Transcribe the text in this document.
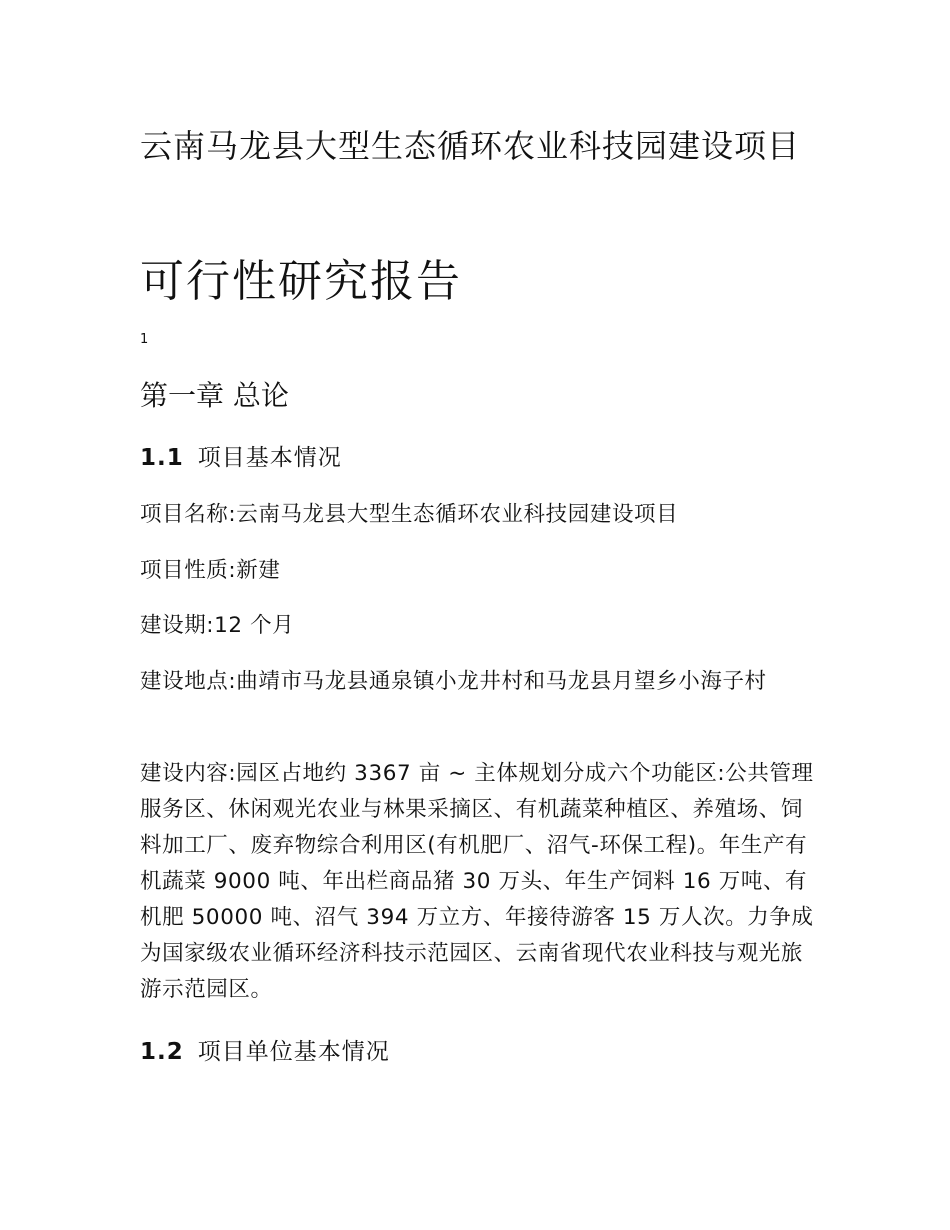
云南马龙县大型生态循环农业科技园建设项目
可行性研究报告
1
第一章 总论
1.1 项目基本情况

项目名称:云南马龙县大型生态循环农业科技园建设项目

项目性质:新建

建设期:12 个月

建设地点:曲靖市马龙县通泉镇小龙井村和马龙县月望乡小海子村

建设内容:园区占地约 3367 亩 ~ 主体规划分成六个功能区:公共管理服务区、休闲观光农业与林果采摘区、有机蔬菜种植区、养殖场、饲料加工厂、废弃物综合利用区(有机肥厂、沼气-环保工程)。年生产有机蔬菜 9000 吨、年出栏商品猪 30 万头、年生产饲料 16 万吨、有机肥 50000 吨、沼气 394 万立方、年接待游客 15 万人次。力争成为国家级农业循环经济科技示范园区、云南省现代农业科技与观光旅游示范园区。

1.2 项目单位基本情况
